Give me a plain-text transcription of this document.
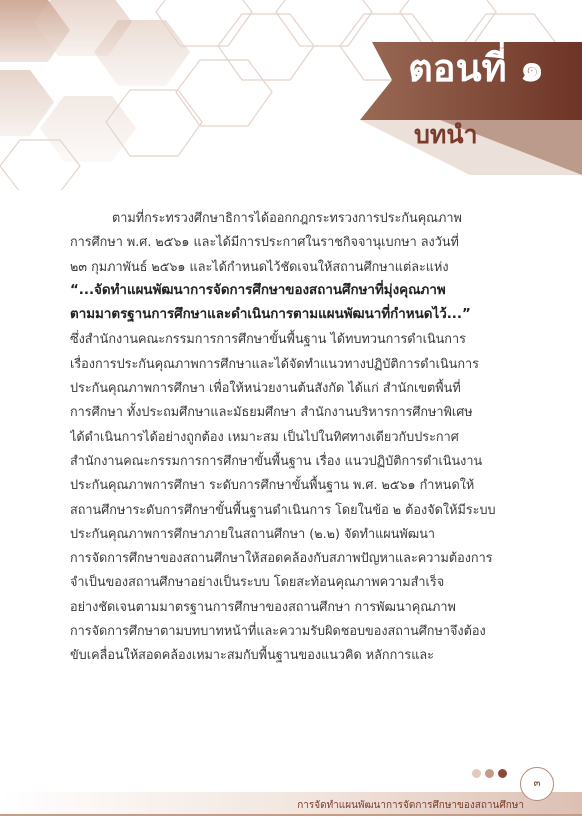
ตอนที่ ๑
บทนำ
ตามที่กระทรวงศึกษาธิการได้ออกกฎกระทรวงการประกันคุณภาพ
การศึกษา พ.ศ. ๒๕๖๑ และได้มีการประกาศในราชกิจจานุเบกษา ลงวันที่
๒๓ กุมภาพันธ์ ๒๕๖๑ และได้กำหนดไว้ชัดเจนให้สถานศึกษาแต่ละแห่ง
“...จัดทำแผนพัฒนาการจัดการศึกษาของสถานศึกษาที่มุ่งคุณภาพ
ตามมาตรฐานการศึกษาและดำเนินการตามแผนพัฒนาที่กำหนดไว้...”
ซึ่งสำนักงานคณะกรรมการการศึกษาขั้นพื้นฐาน ได้ทบทวนการดำเนินการ
เรื่องการประกันคุณภาพการศึกษาและได้จัดทำแนวทางปฏิบัติการดำเนินการ
ประกันคุณภาพการศึกษา เพื่อให้หน่วยงานต้นสังกัด ได้แก่ สำนักเขตพื้นที่
การศึกษา ทั้งประถมศึกษาและมัธยมศึกษา สำนักงานบริหารการศึกษาพิเศษ
ได้ดำเนินการได้อย่างถูกต้อง เหมาะสม เป็นไปในทิศทางเดียวกับประกาศ
สำนักงานคณะกรรมการการศึกษาขั้นพื้นฐาน เรื่อง แนวปฏิบัติการดำเนินงาน
ประกันคุณภาพการศึกษา ระดับการศึกษาขั้นพื้นฐาน พ.ศ. ๒๕๖๑ กำหนดให้
สถานศึกษาระดับการศึกษาขั้นพื้นฐานดำเนินการ โดยในข้อ ๒ ต้องจัดให้มีระบบ
ประกันคุณภาพการศึกษาภายในสถานศึกษา (๒.๒) จัดทำแผนพัฒนา
การจัดการศึกษาของสถานศึกษาให้สอดคล้องกับสภาพปัญหาและความต้องการ
จำเป็นของสถานศึกษาอย่างเป็นระบบ โดยสะท้อนคุณภาพความสำเร็จ
อย่างชัดเจนตามมาตรฐานการศึกษาของสถานศึกษา การพัฒนาคุณภาพ
การจัดการศึกษาตามบทบาทหน้าที่และความรับผิดชอบของสถานศึกษาจึงต้อง
ขับเคลื่อนให้สอดคล้องเหมาะสมกับพื้นฐานของแนวคิด หลักการและ
๓
การจัดทำแผนพัฒนาการจัดการศึกษาของสถานศึกษา
